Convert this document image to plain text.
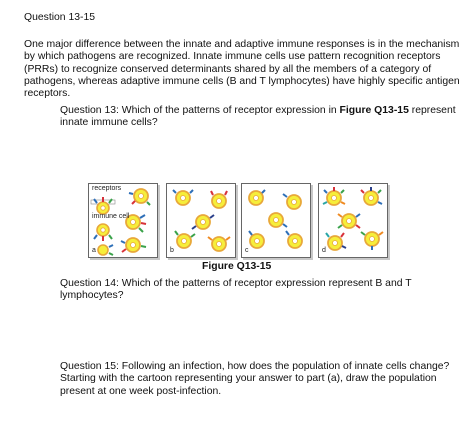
Question 13-15

One major difference between the innate and adaptive immune responses is in the mechanism by which pathogens are recognized. Innate immune cells use pattern recognition receptors (PRRs) to recognize conserved determinants shared by all the members of a category of pathogens, whereas adaptive immune cells (B and T lymphocytes) have highly specific antigen receptors.

Question 13: Which of the patterns of receptor expression in Figure Q13-15 represent innate immune cells?

receptors
immune cell
a	b	c	d
Figure Q13-15

Question 14: Which of the patterns of receptor expression represent B and T lymphocytes?

Question 15: Following an infection, how does the population of innate cells change? Starting with the cartoon representing your answer to part (a), draw the population present at one week post-infection.
